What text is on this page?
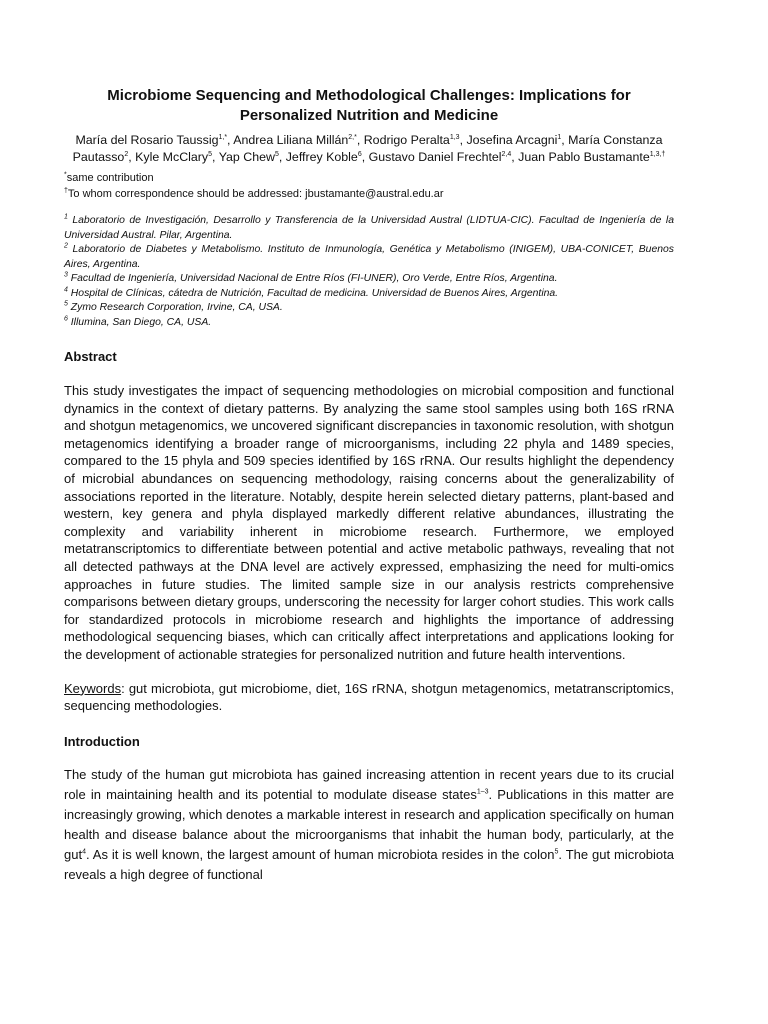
Microbiome Sequencing and Methodological Challenges: Implications for Personalized Nutrition and Medicine

María del Rosario Taussig$^{1,*}$, Andrea Liliana Millán$^{2,*}$, Rodrigo Peralta$^{1,3}$, Josefina Arcagni$^1$, María Constanza Pautasso$^2$, Kyle McClary$^5$, Yap Chew$^5$, Jeffrey Koble$^6$, Gustavo Daniel Frechtel$^{2,4}$, Juan Pablo Bustamante$^{1,3,\dagger}$

*same contribution

†To whom correspondence should be addressed: jbustamante@austral.edu.ar

$^1$ Laboratorio de Investigación, Desarrollo y Transferencia de la Universidad Austral (LIDTUA-CIC). Facultad de Ingeniería de la Universidad Austral. Pilar, Argentina.

$^2$ Laboratorio de Diabetes y Metabolismo. Instituto de Inmunología, Genética y Metabolismo (INIGEM), UBA-CONICET, Buenos Aires, Argentina.

$^3$ Facultad de Ingeniería, Universidad Nacional de Entre Ríos (FI-UNER), Oro Verde, Entre Ríos, Argentina.

$^4$ Hospital de Clínicas, cátedra de Nutrición, Facultad de medicina. Universidad de Buenos Aires, Argentina.

$^5$ Zymo Research Corporation, Irvine, CA, USA.

$^6$ Illumina, San Diego, CA, USA.

Abstract

This study investigates the impact of sequencing methodologies on microbial composition and functional dynamics in the context of dietary patterns. By analyzing the same stool samples using both 16S rRNA and shotgun metagenomics, we uncovered significant discrepancies in taxonomic resolution, with shotgun metagenomics identifying a broader range of microorganisms, including 22 phyla and 1489 species, compared to the 15 phyla and 509 species identified by 16S rRNA. Our results highlight the dependency of microbial abundances on sequencing methodology, raising concerns about the generalizability of associations reported in the literature. Notably, despite herein selected dietary patterns, plant-based and western, key genera and phyla displayed markedly different relative abundances, illustrating the complexity and variability inherent in microbiome research. Furthermore, we employed metatranscriptomics to differentiate between potential and active metabolic pathways, revealing that not all detected pathways at the DNA level are actively expressed, emphasizing the need for multi-omics approaches in future studies. The limited sample size in our analysis restricts comprehensive comparisons between dietary groups, underscoring the necessity for larger cohort studies. This work calls for standardized protocols in microbiome research and highlights the importance of addressing methodological sequencing biases, which can critically affect interpretations and applications looking for the development of actionable strategies for personalized nutrition and future health interventions.

Keywords: gut microbiota, gut microbiome, diet, 16S rRNA, shotgun metagenomics, metatranscriptomics, sequencing methodologies.

Introduction

The study of the human gut microbiota has gained increasing attention in recent years due to its crucial role in maintaining health and its potential to modulate disease states$^{1-3}$. Publications in this matter are increasingly growing, which denotes a markable interest in research and application specifically on human health and disease balance about the microorganisms that inhabit the human body, particularly, at the gut$^4$. As it is well known, the largest amount of human microbiota resides in the colon$^5$. The gut microbiota reveals a high degree of functional
